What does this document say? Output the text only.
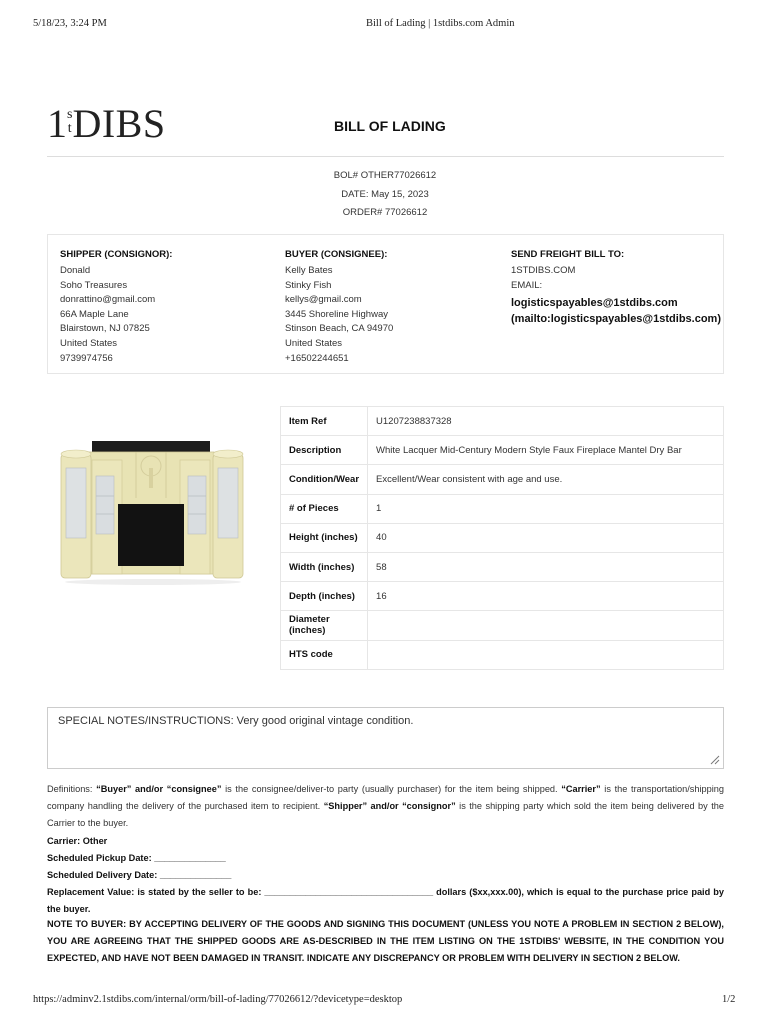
5/18/23, 3:24 PM	Bill of Lading | 1stdibs.com Admin
1 s
t DIBS	BILL OF LADING
BOL# OTHER77026612
DATE: May 15, 2023
ORDER# 77026612
SHIPPER (CONSIGNOR):
Donald
Soho Treasures
donrattino@gmail.com
66A Maple Lane
Blairstown, NJ 07825
United States
9739974756
BUYER (CONSIGNEE):
Kelly Bates
Stinky Fish
kellys@gmail.com
3445 Shoreline Highway
Stinson Beach, CA 94970
United States
+16502244651
SEND FREIGHT BILL TO:
1STDIBS.COM
EMAIL:
logisticspayables@1stdibs.com
(mailto:logisticspayables@1stdibs.com)
Item Ref	U1207238837328
Description	White Lacquer Mid-Century Modern Style Faux Fireplace Mantel Dry Bar
Condition/Wear	Excellent/Wear consistent with age and use.
# of Pieces	1
Height (inches)	40
Width (inches)	58
Depth (inches)	16
Diameter (inches)	
HTS code	
SPECIAL NOTES/INSTRUCTIONS: Very good original vintage condition.
Definitions: “Buyer” and/or “consignee” is the consignee/deliver-to party (usually purchaser) for the item being shipped. “Carrier” is the transportation/shipping company handling the delivery of the purchased item to recipient. “Shipper” and/or “consignor” is the shipping party which sold the item being delivered by the Carrier to the buyer.
Carrier: Other
Scheduled Pickup Date: ______________
Scheduled Delivery Date: ______________
Replacement Value: is stated by the seller to be: _________________________________ dollars ($xx,xxx.00), which is equal to the purchase price paid by the buyer.
NOTE TO BUYER: BY ACCEPTING DELIVERY OF THE GOODS AND SIGNING THIS DOCUMENT (UNLESS YOU NOTE A PROBLEM IN SECTION 2 BELOW), YOU ARE AGREEING THAT THE SHIPPED GOODS ARE AS-DESCRIBED IN THE ITEM LISTING ON THE 1STDIBS' WEBSITE, IN THE CONDITION YOU EXPECTED, AND HAVE NOT BEEN DAMAGED IN TRANSIT. INDICATE ANY DISCREPANCY OR PROBLEM WITH DELIVERY IN SECTION 2 BELOW.
https://adminv2.1stdibs.com/internal/orm/bill-of-lading/77026612/?devicetype=desktop	1/2
